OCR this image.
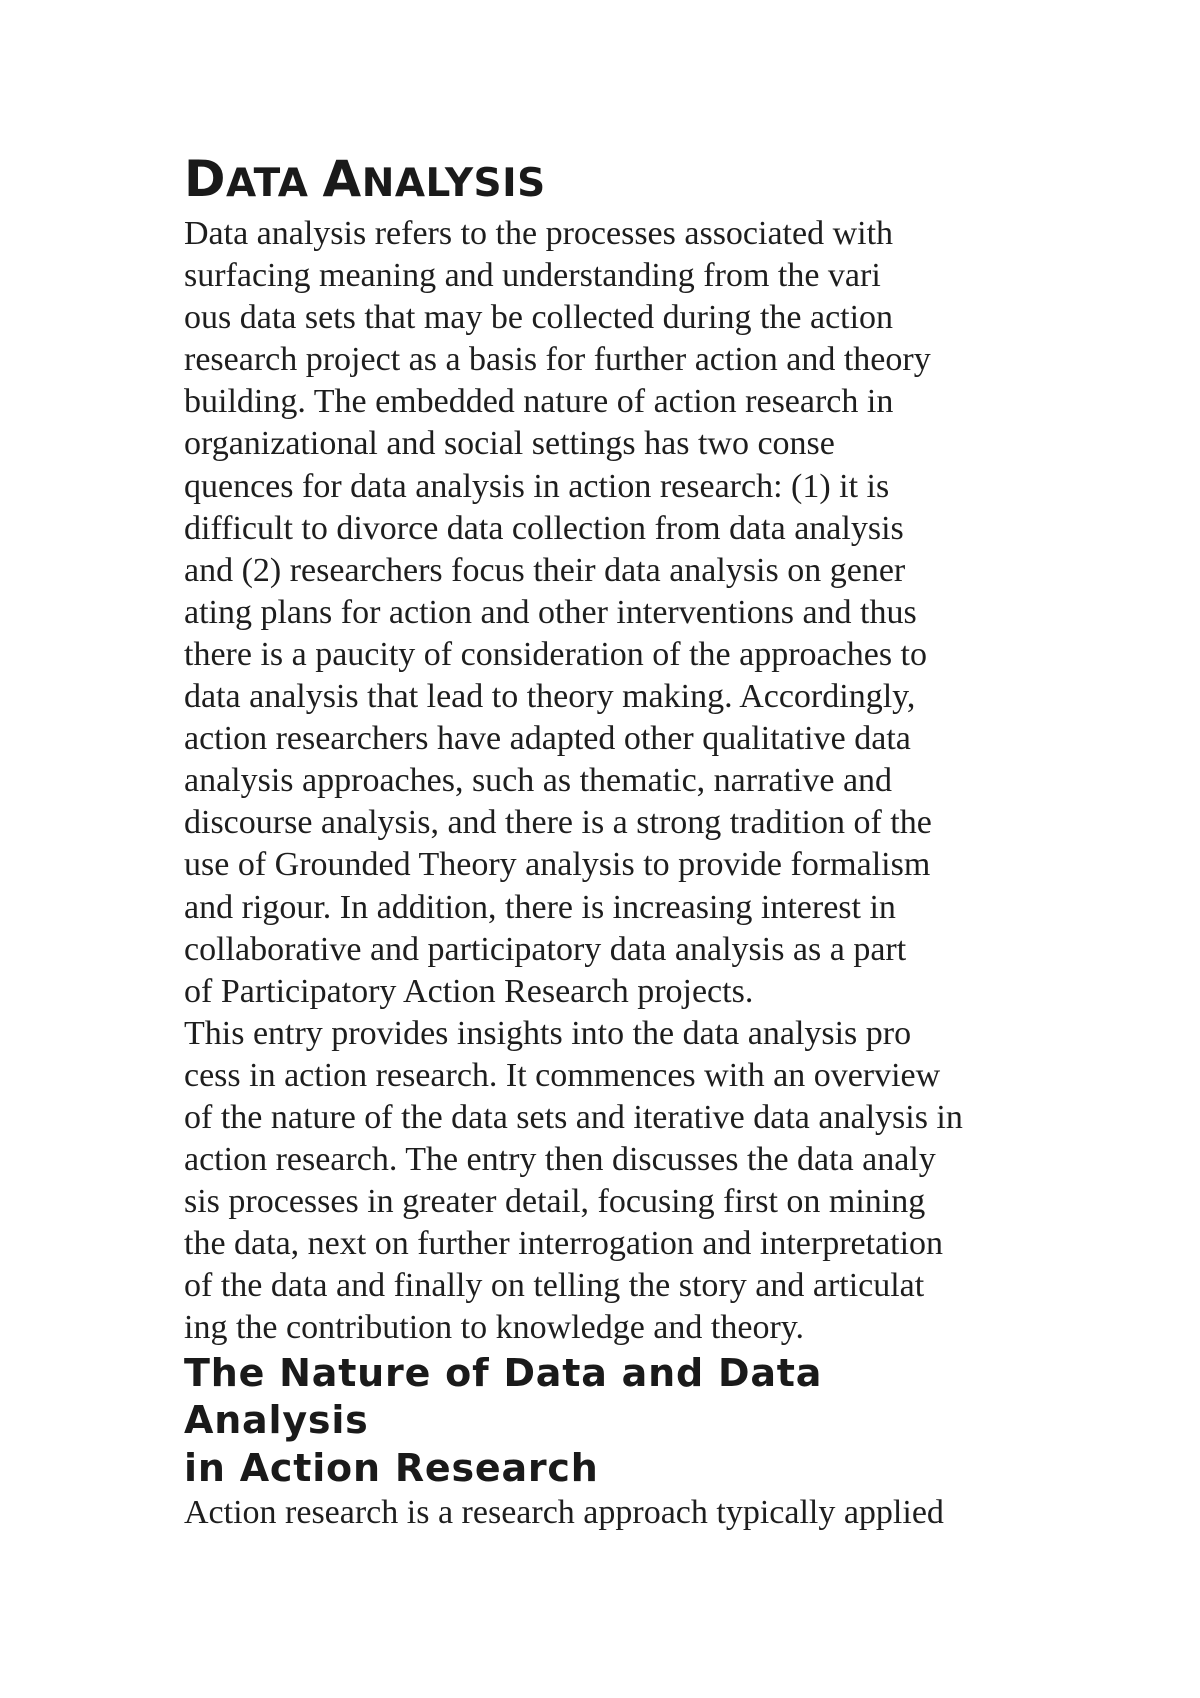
DATA ANALYSIS
Data analysis refers to the processes associated with
surfacing meaning and understanding from the vari
ous data sets that may be collected during the action
research project as a basis for further action and theory
building. The embedded nature of action research in
organizational and social settings has two conse
quences for data analysis in action research: (1) it is
difficult to divorce data collection from data analysis
and (2) researchers focus their data analysis on gener
ating plans for action and other interventions and thus
there is a paucity of consideration of the approaches to
data analysis that lead to theory making. Accordingly,
action researchers have adapted other qualitative data
analysis approaches, such as thematic, narrative and
discourse analysis, and there is a strong tradition of the
use of Grounded Theory analysis to provide formalism
and rigour. In addition, there is increasing interest in
collaborative and participatory data analysis as a part
of Participatory Action Research projects.
This entry provides insights into the data analysis pro
cess in action research. It commences with an overview
of the nature of the data sets and iterative data analysis in
action research. The entry then discusses the data analy
sis processes in greater detail, focusing first on mining
the data, next on further interrogation and interpretation
of the data and finally on telling the story and articulat
ing the contribution to knowledge and theory.
The Nature of Data and Data
Analysis
in Action Research
Action research is a research approach typically applied
